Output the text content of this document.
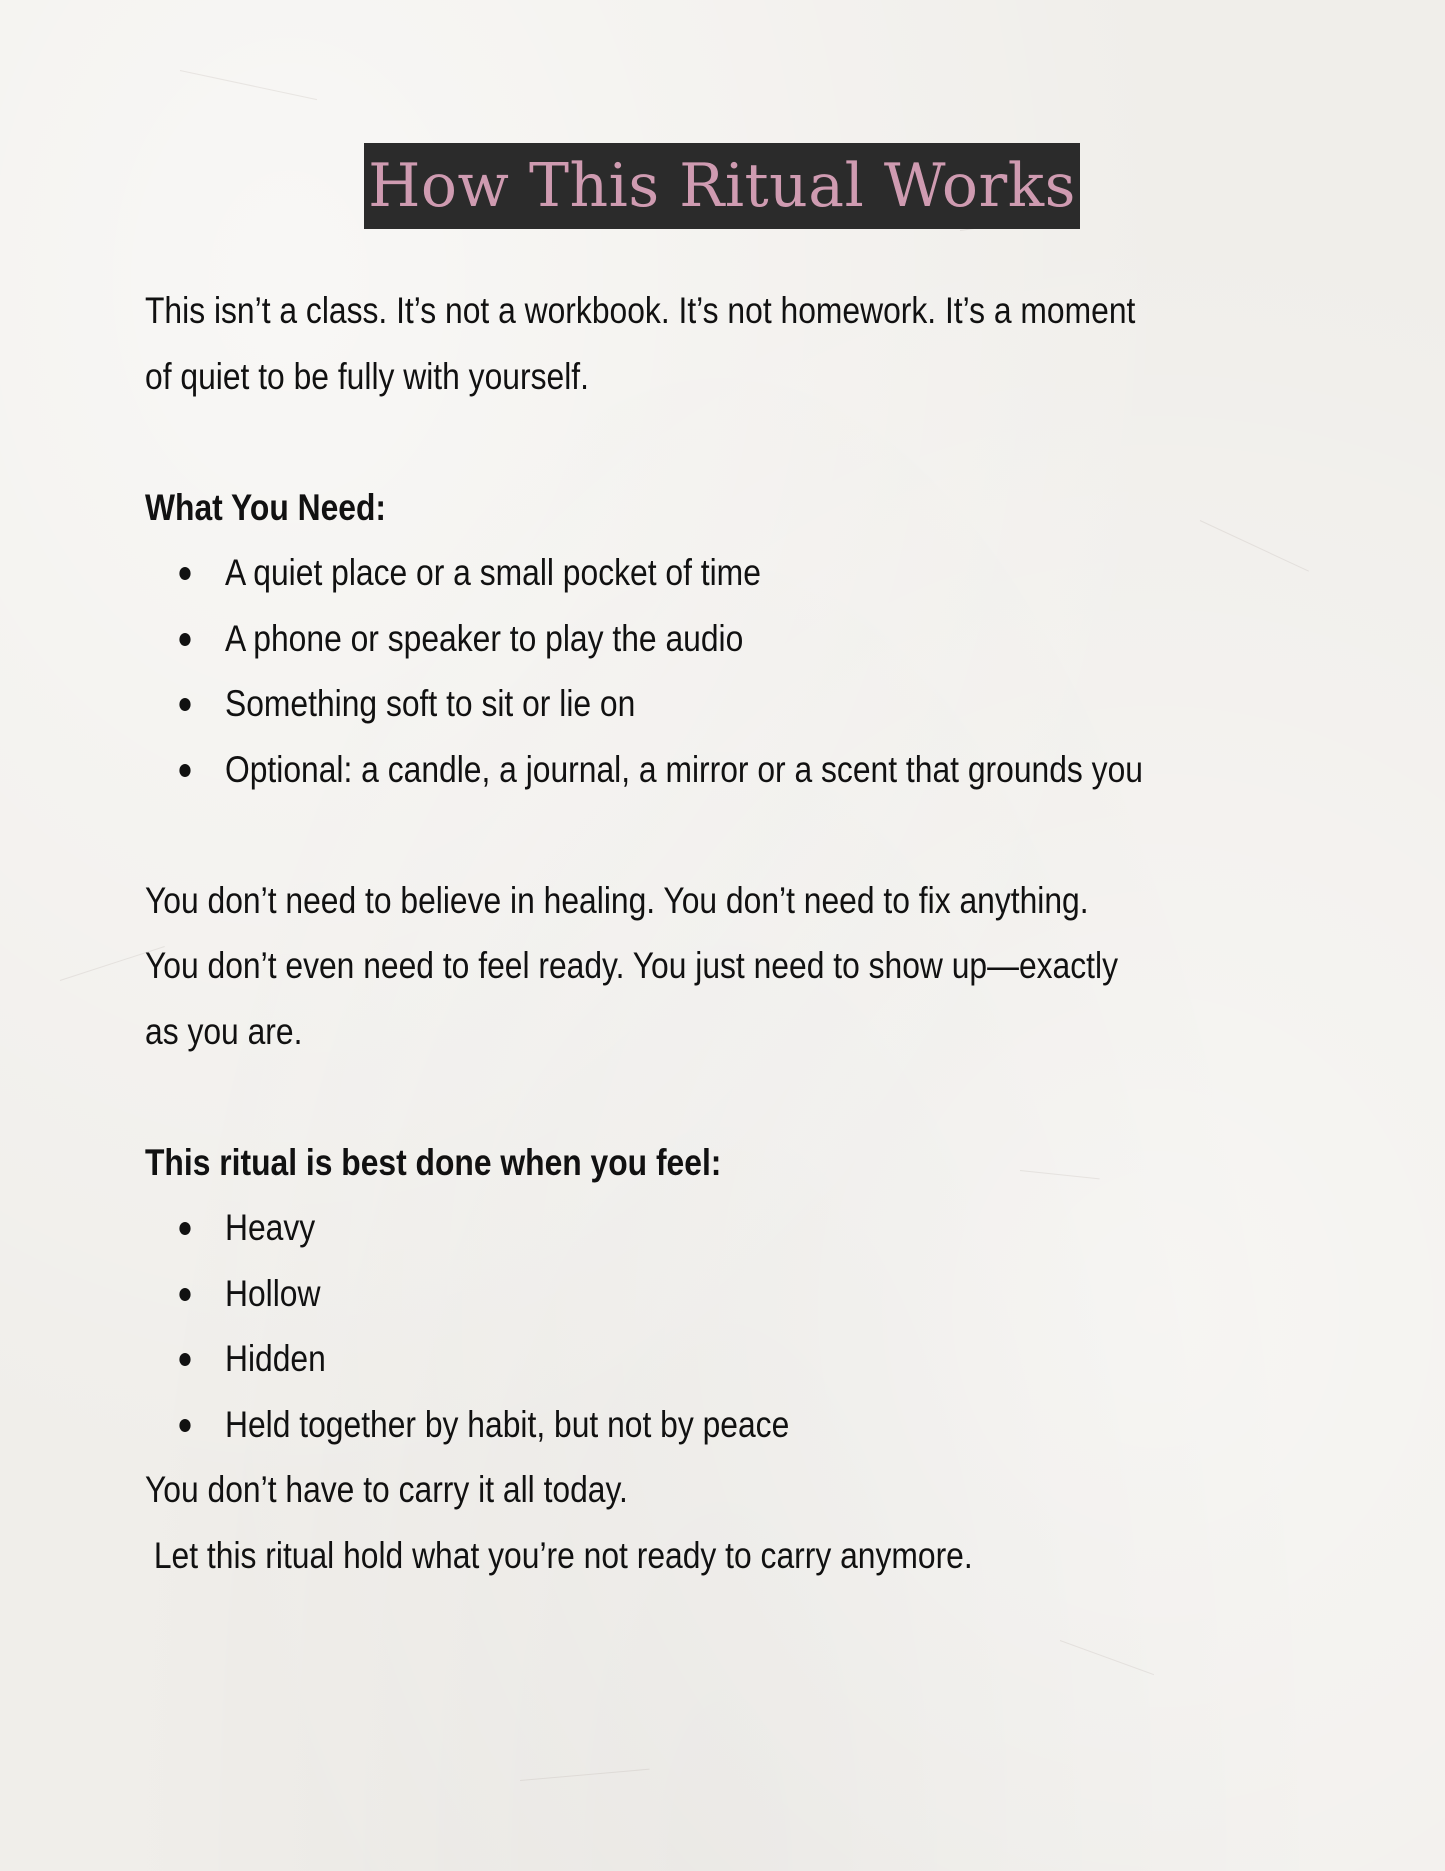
How This Ritual Works

This isn’t a class. It’s not a workbook. It’s not homework. It’s a moment

of quiet to be fully with yourself.

What You Need:

A quiet place or a small pocket of time
A phone or speaker to play the audio
Something soft to sit or lie on
Optional: a candle, a journal, a mirror or a scent that grounds you

You don’t need to believe in healing. You don’t need to fix anything.

You don’t even need to feel ready. You just need to show up—exactly

as you are.

This ritual is best done when you feel:

Heavy
Hollow
Hidden
Held together by habit, but not by peace

You don’t have to carry it all today.

Let this ritual hold what you’re not ready to carry anymore.
